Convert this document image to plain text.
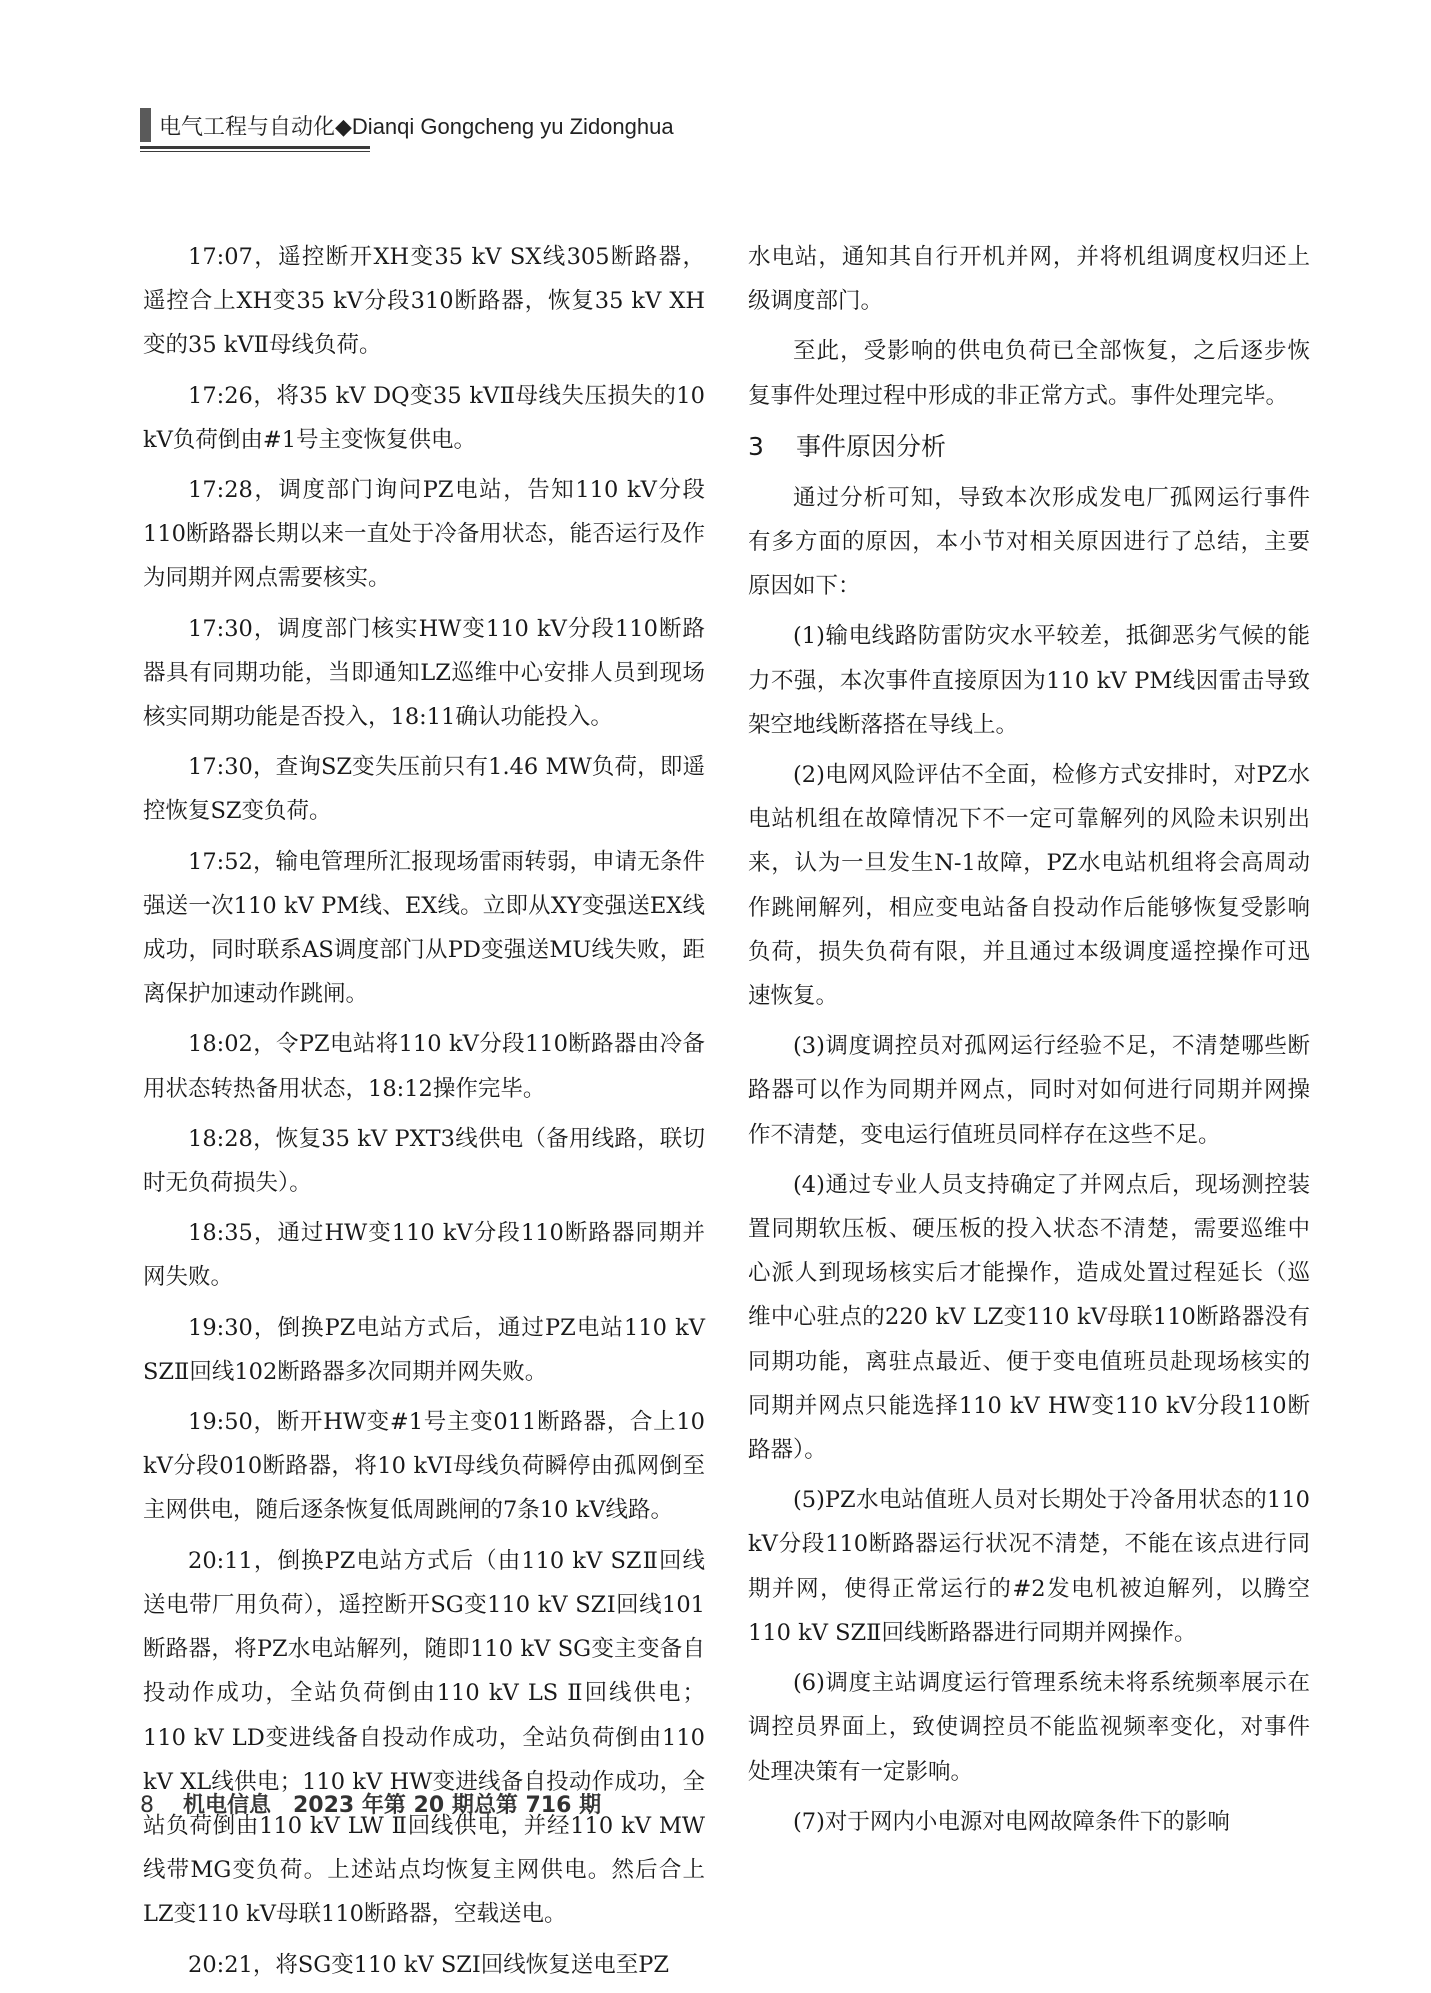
电气工程与自动化◆Dianqi Gongcheng yu Zidonghua

17:07，遥控断开XH变35 kV SX线305断路器，遥控合上XH变35 kV分段310断路器，恢复35 kV XH变的35 kVⅡ母线负荷。

17:26，将35 kV DQ变35 kVⅡ母线失压损失的10 kV负荷倒由#1号主变恢复供电。

17:28，调度部门询问PZ电站，告知110 kV分段110断路器长期以来一直处于冷备用状态，能否运行及作为同期并网点需要核实。

17:30，调度部门核实HW变110 kV分段110断路器具有同期功能，当即通知LZ巡维中心安排人员到现场核实同期功能是否投入，18:11确认功能投入。

17:30，查询SZ变失压前只有1.46 MW负荷，即遥控恢复SZ变负荷。

17:52，输电管理所汇报现场雷雨转弱，申请无条件强送一次110 kV PM线、EX线。立即从XY变强送EX线成功，同时联系AS调度部门从PD变强送MU线失败，距离保护加速动作跳闸。

18:02，令PZ电站将110 kV分段110断路器由冷备用状态转热备用状态，18:12操作完毕。

18:28，恢复35 kV PXT3线供电（备用线路，联切时无负荷损失）。

18:35，通过HW变110 kV分段110断路器同期并网失败。

19:30，倒换PZ电站方式后，通过PZ电站110 kV SZⅡ回线102断路器多次同期并网失败。

19:50，断开HW变#1号主变011断路器，合上10 kV分段010断路器，将10 kVⅠ母线负荷瞬停由孤网倒至主网供电，随后逐条恢复低周跳闸的7条10 kV线路。

20:11，倒换PZ电站方式后（由110 kV SZⅡ回线送电带厂用负荷），遥控断开SG变110 kV SZⅠ回线101断路器，将PZ水电站解列，随即110 kV SG变主变备自投动作成功，全站负荷倒由110 kV LS Ⅱ回线供电；110 kV LD变进线备自投动作成功，全站负荷倒由110 kV XL线供电；110 kV HW变进线备自投动作成功，全站负荷倒由110 kV LW Ⅱ回线供电，并经110 kV MW线带MG变负荷。上述站点均恢复主网供电。然后合上LZ变110 kV母联110断路器，空载送电。

20:21，将SG变110 kV SZⅠ回线恢复送电至PZ

水电站，通知其自行开机并网，并将机组调度权归还上级调度部门。

至此，受影响的供电负荷已全部恢复，之后逐步恢复事件处理过程中形成的非正常方式。事件处理完毕。

3 事件原因分析

通过分析可知，导致本次形成发电厂孤网运行事件有多方面的原因，本小节对相关原因进行了总结，主要原因如下：

(1)输电线路防雷防灾水平较差，抵御恶劣气候的能力不强，本次事件直接原因为110 kV PM线因雷击导致架空地线断落搭在导线上。

(2)电网风险评估不全面，检修方式安排时，对PZ水电站机组在故障情况下不一定可靠解列的风险未识别出来，认为一旦发生N-1故障，PZ水电站机组将会高周动作跳闸解列，相应变电站备自投动作后能够恢复受影响负荷，损失负荷有限，并且通过本级调度遥控操作可迅速恢复。

(3)调度调控员对孤网运行经验不足，不清楚哪些断路器可以作为同期并网点，同时对如何进行同期并网操作不清楚，变电运行值班员同样存在这些不足。

(4)通过专业人员支持确定了并网点后，现场测控装置同期软压板、硬压板的投入状态不清楚，需要巡维中心派人到现场核实后才能操作，造成处置过程延长（巡维中心驻点的220 kV LZ变110 kV母联110断路器没有同期功能，离驻点最近、便于变电值班员赴现场核实的同期并网点只能选择110 kV HW变110 kV分段110断路器）。

(5)PZ水电站值班人员对长期处于冷备用状态的110 kV分段110断路器运行状况不清楚，不能在该点进行同期并网，使得正常运行的#2发电机被迫解列，以腾空110 kV SZⅡ回线断路器进行同期并网操作。

(6)调度主站调度运行管理系统未将系统频率展示在调控员界面上，致使调控员不能监视频率变化，对事件处理决策有一定影响。

(7)对于网内小电源对电网故障条件下的影响

8 机电信息　2023 年第 20 期总第 716 期
